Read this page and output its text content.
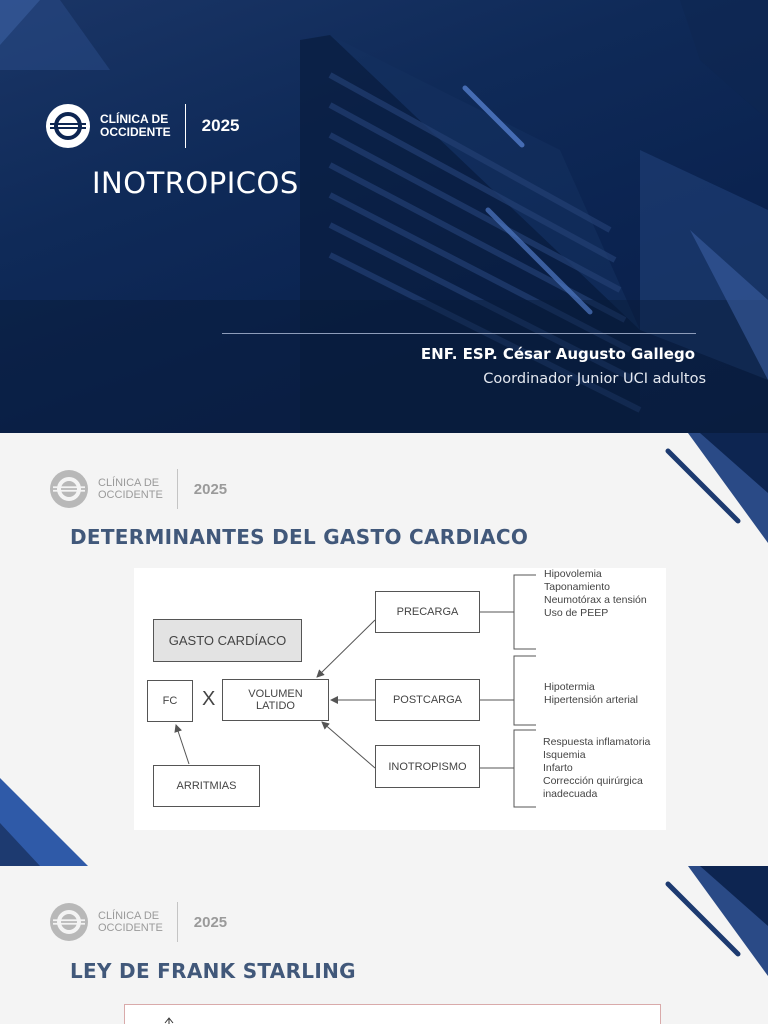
CLÍNICA DE
OCCIDENTE 2025
INOTROPICOS
ENF. ESP. César Augusto Gallego
Coordinador Junior UCI adultos
CLÍNICA DE
OCCIDENTE 2025
DETERMINANTES DEL GASTO CARDIACO
GASTO CARDÍACO
FC	X	VOLUMEN
LATIDO
ARRITMIAS
PRECARGA
POSTCARGA
INOTROPISMO
Hipovolemia
Taponamiento
Neumotórax a tensión
Uso de PEEP
Hipotermia
Hipertensión arterial
Respuesta inflamatoria
Isquemia
Infarto
Corrección quirúrgica
inadecuada
CLÍNICA DE
OCCIDENTE 2025
LEY DE FRANK STARLING
